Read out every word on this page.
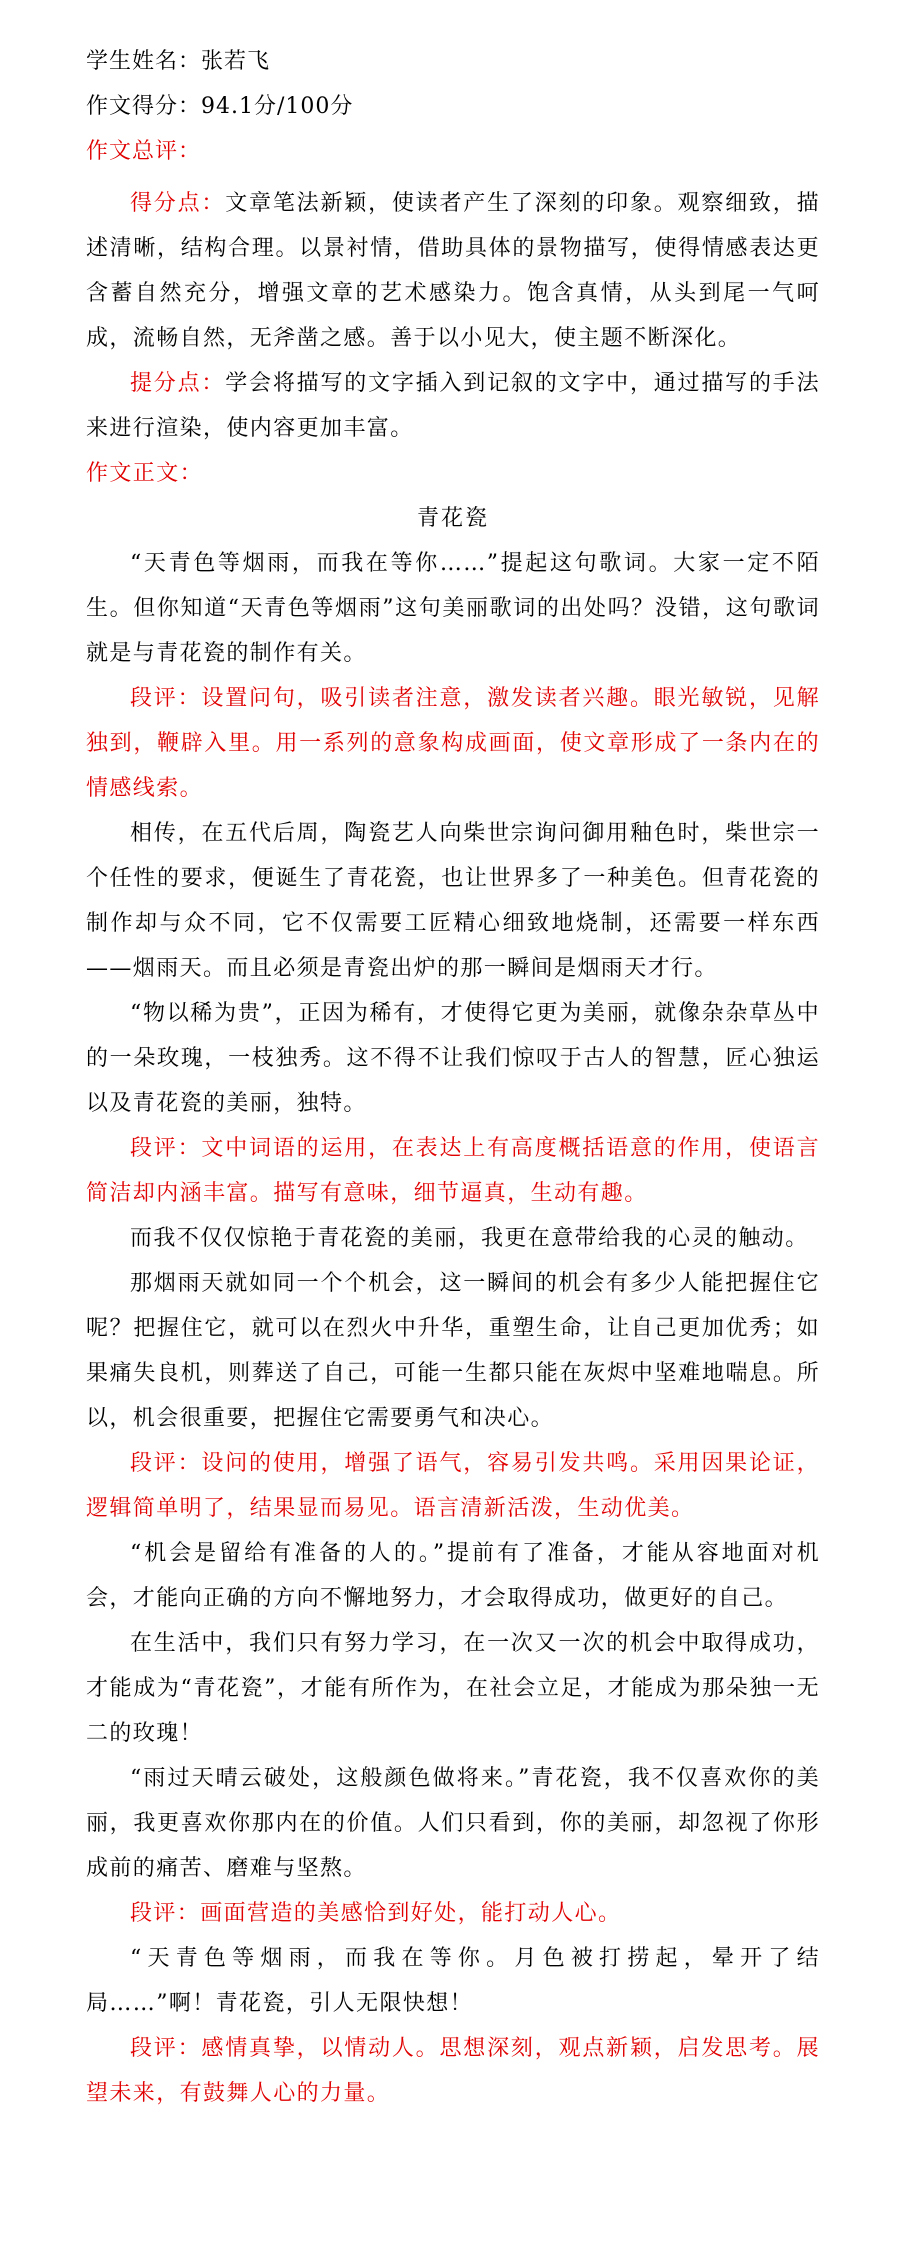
学生姓名：张若飞

作文得分：94.1分/100分

作文总评：

得分点：文章笔法新颖，使读者产生了深刻的印象。观察细致，描述清晰，结构合理。以景衬情，借助具体的景物描写，使得情感表达更含蓄自然充分，增强文章的艺术感染力。饱含真情，从头到尾一气呵成，流畅自然，无斧凿之感。善于以小见大，使主题不断深化。

提分点：学会将描写的文字插入到记叙的文字中，通过描写的手法来进行渲染，使内容更加丰富。

作文正文：

青花瓷

“天青色等烟雨，而我在等你……”提起这句歌词。大家一定不陌生。但你知道“天青色等烟雨”这句美丽歌词的出处吗？没错，这句歌词就是与青花瓷的制作有关。

段评：设置问句，吸引读者注意，激发读者兴趣。眼光敏锐，见解独到，鞭辟入里。用一系列的意象构成画面，使文章形成了一条内在的情感线索。

相传，在五代后周，陶瓷艺人向柴世宗询问御用釉色时，柴世宗一个任性的要求，便诞生了青花瓷，也让世界多了一种美色。但青花瓷的制作却与众不同，它不仅需要工匠精心细致地烧制，还需要一样东西——烟雨天。而且必须是青瓷出炉的那一瞬间是烟雨天才行。

“物以稀为贵”，正因为稀有，才使得它更为美丽，就像杂杂草丛中的一朵玫瑰，一枝独秀。这不得不让我们惊叹于古人的智慧，匠心独运以及青花瓷的美丽，独特。

段评：文中词语的运用，在表达上有高度概括语意的作用，使语言简洁却内涵丰富。描写有意味，细节逼真，生动有趣。

而我不仅仅惊艳于青花瓷的美丽，我更在意带给我的心灵的触动。

那烟雨天就如同一个个机会，这一瞬间的机会有多少人能把握住它呢？把握住它，就可以在烈火中升华，重塑生命，让自己更加优秀；如果痛失良机，则葬送了自己，可能一生都只能在灰烬中坚难地喘息。所以，机会很重要，把握住它需要勇气和决心。

段评：设问的使用，增强了语气，容易引发共鸣。采用因果论证，逻辑简单明了，结果显而易见。语言清新活泼，生动优美。

“机会是留给有准备的人的。”提前有了准备，才能从容地面对机会，才能向正确的方向不懈地努力，才会取得成功，做更好的自己。

在生活中，我们只有努力学习，在一次又一次的机会中取得成功，才能成为“青花瓷”，才能有所作为，在社会立足，才能成为那朵独一无二的玫瑰！

“雨过天晴云破处，这般颜色做将来。”青花瓷，我不仅喜欢你的美丽，我更喜欢你那内在的价值。人们只看到，你的美丽，却忽视了你形成前的痛苦、磨难与坚熬。

段评：画面营造的美感恰到好处，能打动人心。

“天青色等烟雨，而我在等你。月色被打捞起，晕开了结局……”啊！青花瓷，引人无限快想！

段评：感情真挚，以情动人。思想深刻，观点新颖，启发思考。展望未来，有鼓舞人心的力量。
